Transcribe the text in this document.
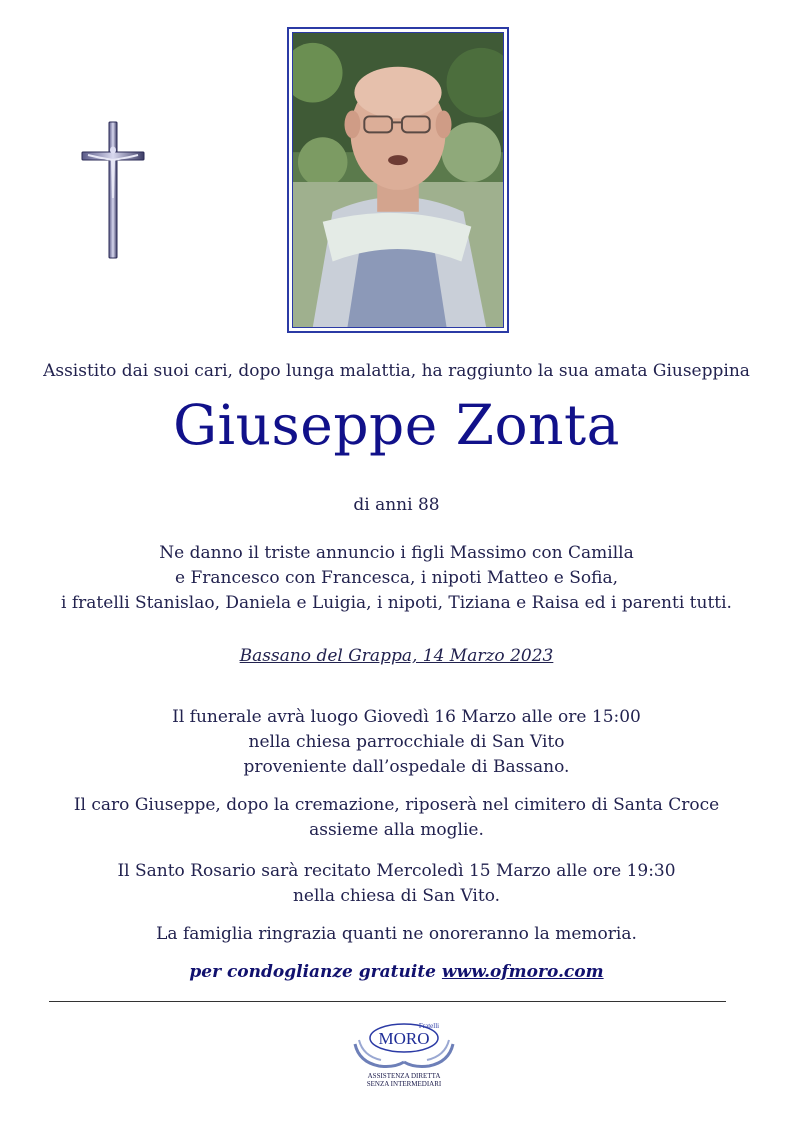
Assistito dai suoi cari, dopo lunga malattia, ha raggiunto la sua amata Giuseppina
Giuseppe Zonta
di anni 88
Ne danno il triste annuncio i figli Massimo con Camilla
e Francesco con Francesca, i nipoti Matteo e Sofia,
i fratelli Stanislao, Daniela e Luigia, i nipoti, Tiziana e Raisa ed i parenti tutti.
Bassano del Grappa, 14 Marzo 2023
Il funerale avrà luogo Giovedì 16 Marzo alle ore 15:00
nella chiesa parrocchiale di San Vito
proveniente dall’ospedale di Bassano.
Il caro Giuseppe, dopo la cremazione, riposerà nel cimitero di Santa Croce
assieme alla moglie.
Il Santo Rosario sarà recitato Mercoledì 15 Marzo alle ore 19:30
nella chiesa di San Vito.
La famiglia ringrazia quanti ne onoreranno la memoria.
per condoglianze gratuite www.ofmoro.com
Fratelli
MORO
ASSISTENZA DIRETTA
SENZA INTERMEDIARI
